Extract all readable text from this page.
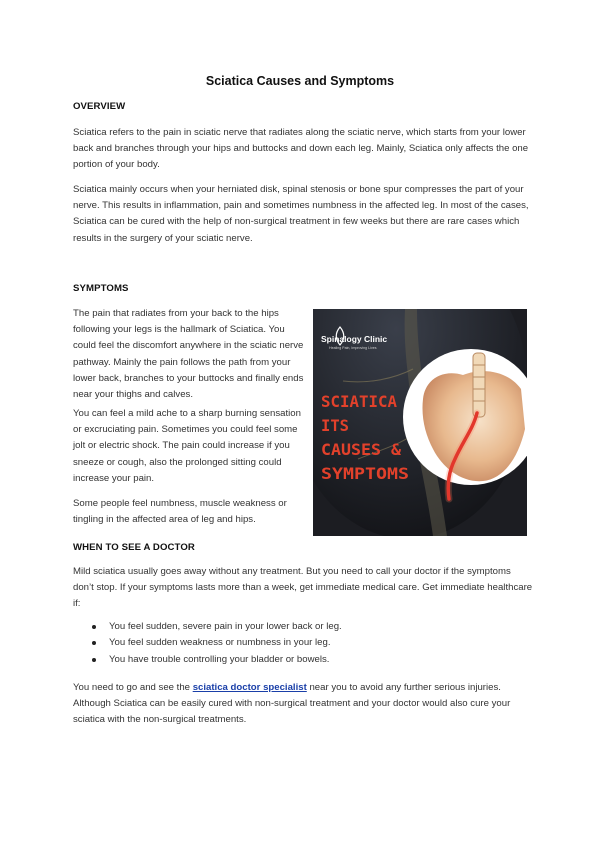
Sciatica Causes and Symptoms
OVERVIEW

Sciatica refers to the pain in sciatic nerve that radiates along the sciatic nerve, which starts from your lower back and branches through your hips and buttocks and down each leg. Mainly, Sciatica only affects the one portion of your body.

Sciatica mainly occurs when your herniated disk, spinal stenosis or bone spur compresses the part of your nerve. This results in inflammation, pain and sometimes numbness in the affected leg. In most of the cases, Sciatica can be cured with the help of non-surgical treatment in few weeks but there are rare cases which results in the surgery of your sciatic nerve.

SYMPTOMS

The pain that radiates from your back to the hips following your legs is the hallmark of Sciatica. You could feel the discomfort anywhere in the sciatic nerve pathway. Mainly the pain follows the path from your lower back, branches to your buttocks and finally ends near your thighs and calves.

You can feel a mild ache to a sharp burning sensation or excruciating pain. Sometimes you could feel some jolt or electric shock. The pain could increase if you sneeze or cough, also the prolonged sitting could increase your pain.

Some people feel numbness, muscle weakness or tingling in the affected area of leg and hips.

Spinalogy Clinic
Healing Pain, Improving Lives
SCIATICA
ITS
CAUSES &
SYMPTOMS
WHEN TO SEE A DOCTOR

Mild sciatica usually goes away without any treatment. But you need to call your doctor if the symptoms don’t stop. If your symptoms lasts more than a week, get immediate medical care. Get immediate healthcare if:

You feel sudden, severe pain in your lower back or leg.
You feel sudden weakness or numbness in your leg.
You have trouble controlling your bladder or bowels.

You need to go and see the sciatica doctor specialist near you to avoid any further serious injuries. Although Sciatica can be easily cured with non-surgical treatment and your doctor would also cure your sciatica with the non-surgical treatments.
